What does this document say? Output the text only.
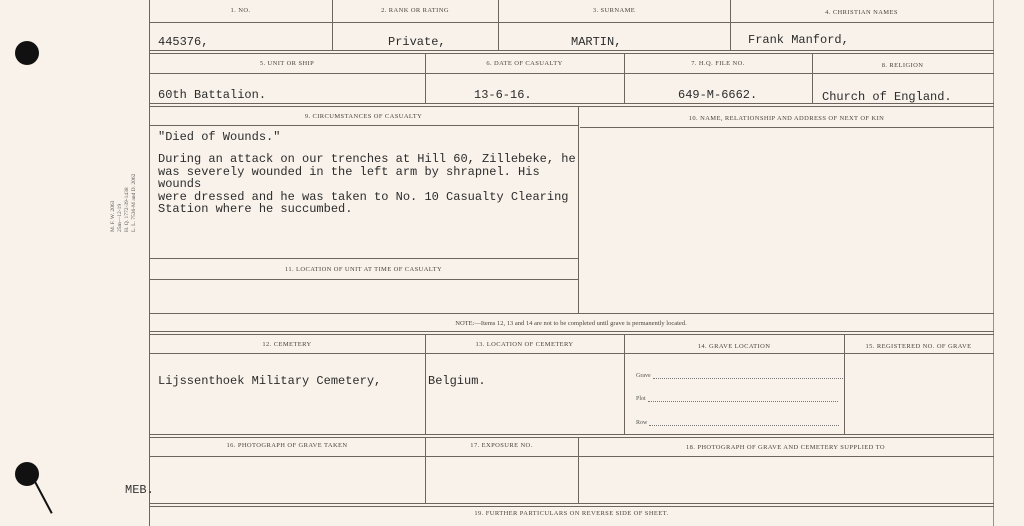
1. NO.	2. RANK OR RATING	3. SURNAME	4. CHRISTIAN NAMES
445376,	Private,	MARTIN,	Frank Manford,
5. UNIT OR SHIP	6. DATE OF CASUALTY	7. H.Q. FILE NO.	8. RELIGION
60th Battalion.	13-6-16.	649-M-6662.	Church of England.
9. CIRCUMSTANCES OF CASUALTY	10. NAME, RELATIONSHIP AND ADDRESS OF NEXT OF KIN
"Died of Wounds."
During an attack on our trenches at Hill 60, Zillebeke, he
was severely wounded in the left arm by shrapnel. His wounds
were dressed and he was taken to No. 10 Casualty Clearing
Station where he succumbed.
11. LOCATION OF UNIT AT TIME OF CASUALTY
NOTE:—Items 12, 13 and 14 are not to be completed until grave is permanently located.
12. CEMETERY	13. LOCATION OF CEMETERY	14. GRAVE LOCATION	15. REGISTERED NO. OF GRAVE
Lijssenthoek Military Cemetery,	Belgium.	Grave
Plot
Row
16. PHOTOGRAPH OF GRAVE TAKEN	17. EXPOSURE NO.	18. PHOTOGRAPH OF GRAVE AND CEMETERY SUPPLIED TO
19. FURTHER PARTICULARS ON REVERSE SIDE OF SHEET.
M. F. W. 2063 25m—12-19 H. Q. 1772-39-1438 L. L. 7536-M and D. 2062
MEB.
